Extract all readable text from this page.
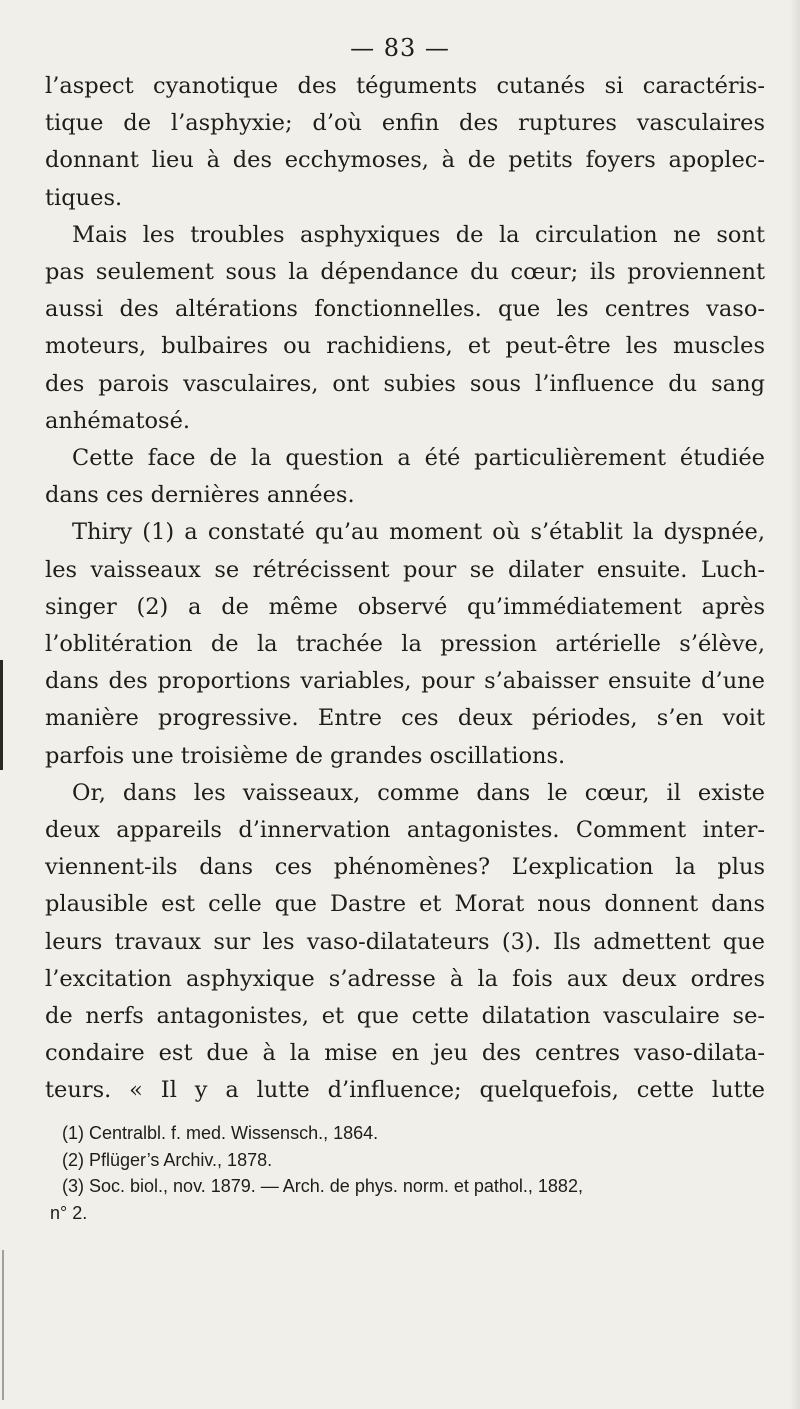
— 83 —
l’aspect cyanotique des téguments cutanés si caractéris-
tique de l’asphyxie; d’où enfin des ruptures vasculaires
donnant lieu à des ecchymoses, à de petits foyers apoplec-
tiques.
Mais les troubles asphyxiques de la circulation ne sont
pas seulement sous la dépendance du cœur; ils proviennent
aussi des altérations fonctionnelles. que les centres vaso-
moteurs, bulbaires ou rachidiens, et peut-être les muscles
des parois vasculaires, ont subies sous l’influence du sang
anhématosé.
Cette face de la question a été particulièrement étudiée
dans ces dernières années.
Thiry (1) a constaté qu’au moment où s’établit la dyspnée,
les vaisseaux se rétrécissent pour se dilater ensuite. Luch-
singer (2) a de même observé qu’immédiatement après
l’oblitération de la trachée la pression artérielle s’élève,
dans des proportions variables, pour s’abaisser ensuite d’une
manière progressive. Entre ces deux périodes, s’en voit
parfois une troisième de grandes oscillations.
Or, dans les vaisseaux, comme dans le cœur, il existe
deux appareils d’innervation antagonistes. Comment inter-
viennent-ils dans ces phénomènes? L’explication la plus
plausible est celle que Dastre et Morat nous donnent dans
leurs travaux sur les vaso-dilatateurs (3). Ils admettent que
l’excitation asphyxique s’adresse à la fois aux deux ordres
de nerfs antagonistes, et que cette dilatation vasculaire se-
condaire est due à la mise en jeu des centres vaso-dilata-
teurs. « Il y a lutte d’influence; quelquefois, cette lutte
(1) Centralbl. f. med. Wissensch., 1864.
(2) Pflüger’s Archiv., 1878.
(3) Soc. biol., nov. 1879. — Arch. de phys. norm. et pathol., 1882,
n° 2.
